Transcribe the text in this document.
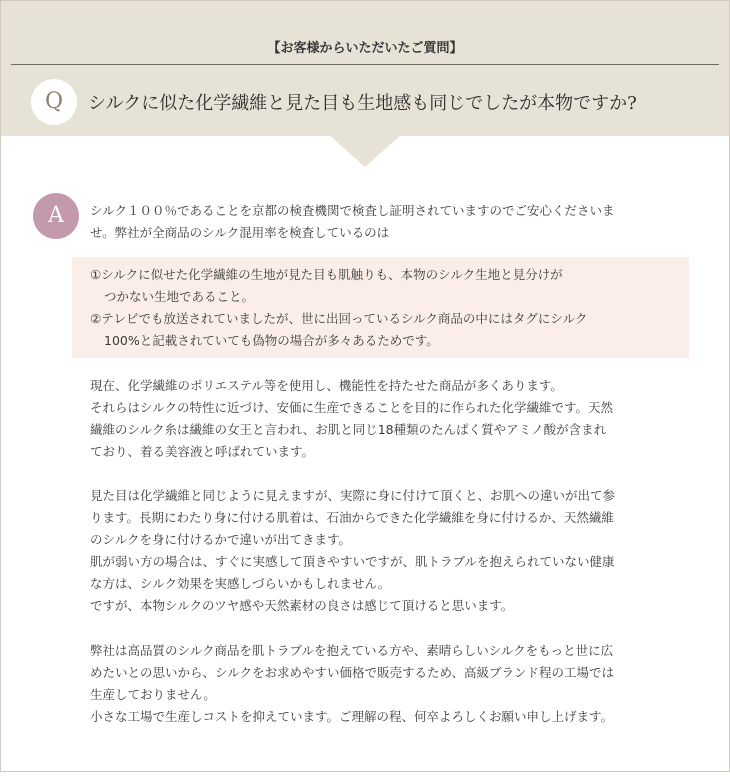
【お客様からいただいたご質問】
Q	シルクに似た化学繊維と見た目も生地感も同じでしたが本物ですか?
A	シルク１００％であることを京都の検査機関で検査し証明されていますのでご安心くださいま
せ。弊社が全商品のシルク混用率を検査しているのは
①シルクに似せた化学繊維の生地が見た目も肌触りも、本物のシルク生地と見分けが
つかない生地であること。
②テレビでも放送されていましたが、世に出回っているシルク商品の中にはタグにシルク
100%と記載されていても偽物の場合が多々あるためです。
現在、化学繊維のポリエステル等を使用し、機能性を持たせた商品が多くあります。
それらはシルクの特性に近づけ、安価に生産できることを目的に作られた化学繊維です。天然
繊維のシルク糸は繊維の女王と言われ、お肌と同じ18種類のたんぱく質やアミノ酸が含まれ
ており、着る美容液と呼ばれています。
見た目は化学繊維と同じように見えますが、実際に身に付けて頂くと、お肌への違いが出て参
ります。長期にわたり身に付ける肌着は、石油からできた化学繊維を身に付けるか、天然繊維
のシルクを身に付けるかで違いが出てきます。
肌が弱い方の場合は、すぐに実感して頂きやすいですが、肌トラブルを抱えられていない健康
な方は、シルク効果を実感しづらいかもしれません。
ですが、本物シルクのツヤ感や天然素材の良さは感じて頂けると思います。
弊社は高品質のシルク商品を肌トラブルを抱えている方や、素晴らしいシルクをもっと世に広
めたいとの思いから、シルクをお求めやすい価格で販売するため、高級ブランド程の工場では
生産しておりません。
小さな工場で生産しコストを抑えています。ご理解の程、何卒よろしくお願い申し上げます。
